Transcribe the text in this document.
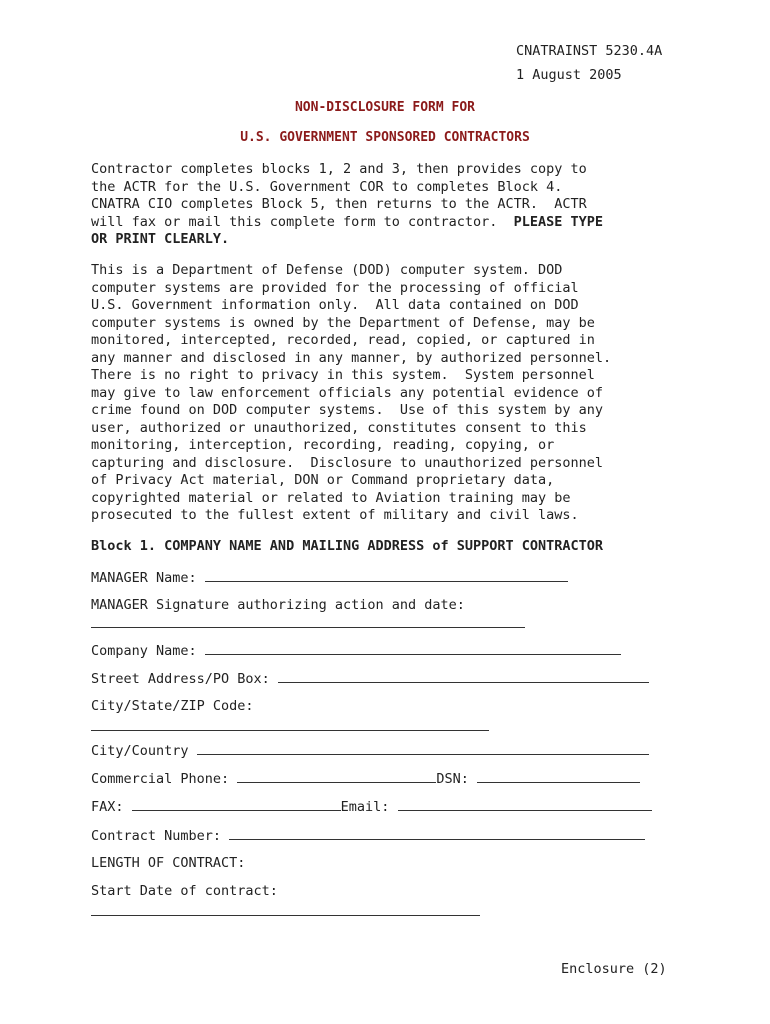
CNATRAINST 5230.4A
1 August 2005
NON-DISCLOSURE FORM FOR
U.S. GOVERNMENT SPONSORED CONTRACTORS
Contractor completes blocks 1, 2 and 3, then provides copy to
the ACTR for the U.S. Government COR to completes Block 4.
CNATRA CIO completes Block 5, then returns to the ACTR.  ACTR
will fax or mail this complete form to contractor.  PLEASE TYPE
OR PRINT CLEARLY.
This is a Department of Defense (DOD) computer system. DOD
computer systems are provided for the processing of official
U.S. Government information only.  All data contained on DOD
computer systems is owned by the Department of Defense, may be
monitored, intercepted, recorded, read, copied, or captured in
any manner and disclosed in any manner, by authorized personnel.
There is no right to privacy in this system.  System personnel
may give to law enforcement officials any potential evidence of
crime found on DOD computer systems.  Use of this system by any
user, authorized or unauthorized, constitutes consent to this
monitoring, interception, recording, reading, copying, or
capturing and disclosure.  Disclosure to unauthorized personnel
of Privacy Act material, DON or Command proprietary data,
copyrighted material or related to Aviation training may be
prosecuted to the fullest extent of military and civil laws.
Block 1. COMPANY NAME AND MAILING ADDRESS of SUPPORT CONTRACTOR
MANAGER Name:
MANAGER Signature authorizing action and date:
Company Name:
Street Address/PO Box:
City/State/ZIP Code:
City/Country
Commercial Phone:	DSN:
FAX:	Email:
Contract Number:
LENGTH OF CONTRACT:
Start Date of contract:
Enclosure (2)
